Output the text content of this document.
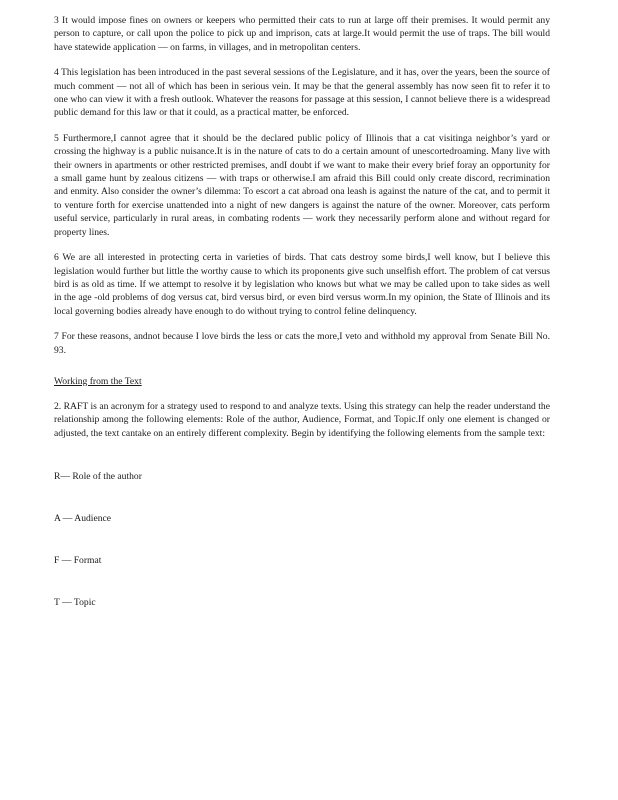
3 It would impose fines on owners or keepers who permitted their cats to run at large off their premises. It would permit any person to capture, or call upon the police to pick up and imprison, cats at large.It would permit the use of traps. The bill would have statewide application — on farms, in villages, and in metropolitan centers.

4 This legislation has been introduced in the past several sessions of the Legislature, and it has, over the years, been the source of much comment — not all of which has been in serious vein. It may be that the general assembly has now seen fit to refer it to one who can view it with a fresh outlook. Whatever the reasons for passage at this session, I cannot believe there is a widespread public demand for this law or that it could, as a practical matter, be enforced.

5 Furthermore,I cannot agree that it should be the declared public policy of Illinois that a cat visitinga neighbor’s yard or crossing the highway is a public nuisance.It is in the nature of cats to do a certain amount of unescortedroaming. Many live with their owners in apartments or other restricted premises, andI doubt if we want to make their every brief foray an opportunity for a small game hunt by zealous citizens — with traps or otherwise.I am afraid this Bill could only create discord, recrimination and enmity. Also consider the owner’s dilemma: To escort a cat abroad ona leash is against the nature of the cat, and to permit it to venture forth for exercise unattended into a night of new dangers is against the nature of the owner. Moreover, cats perform useful service, particularly in rural areas, in combating rodents — work they necessarily perform alone and without regard for property lines.

6 We are all interested in protecting certa in varieties of birds. That cats destroy some birds,I well know, but I believe this legislation would further but little the worthy cause to which its proponents give such unselfish effort. The problem of cat versus bird is as old as time. If we attempt to resolve it by legislation who knows but what we may be called upon to take sides as well in the age -old problems of dog versus cat, bird versus bird, or even bird versus worm.In my opinion, the State of Illinois and its local governing bodies already have enough to do without trying to control feline delinquency.

7 For these reasons, andnot because I love birds the less or cats the more,I veto and withhold my approval from Senate Bill No. 93.

Working from the Text

2. RAFT is an acronym for a strategy used to respond to and analyze texts. Using this strategy can help the reader understand the relationship among the following elements: Role of the author, Audience, Format, and Topic.If only one element is changed or adjusted, the text cantake on an entirely different complexity. Begin by identifying the following elements from the sample text:

R— Role of the author

A — Audience

F — Format

T — Topic
